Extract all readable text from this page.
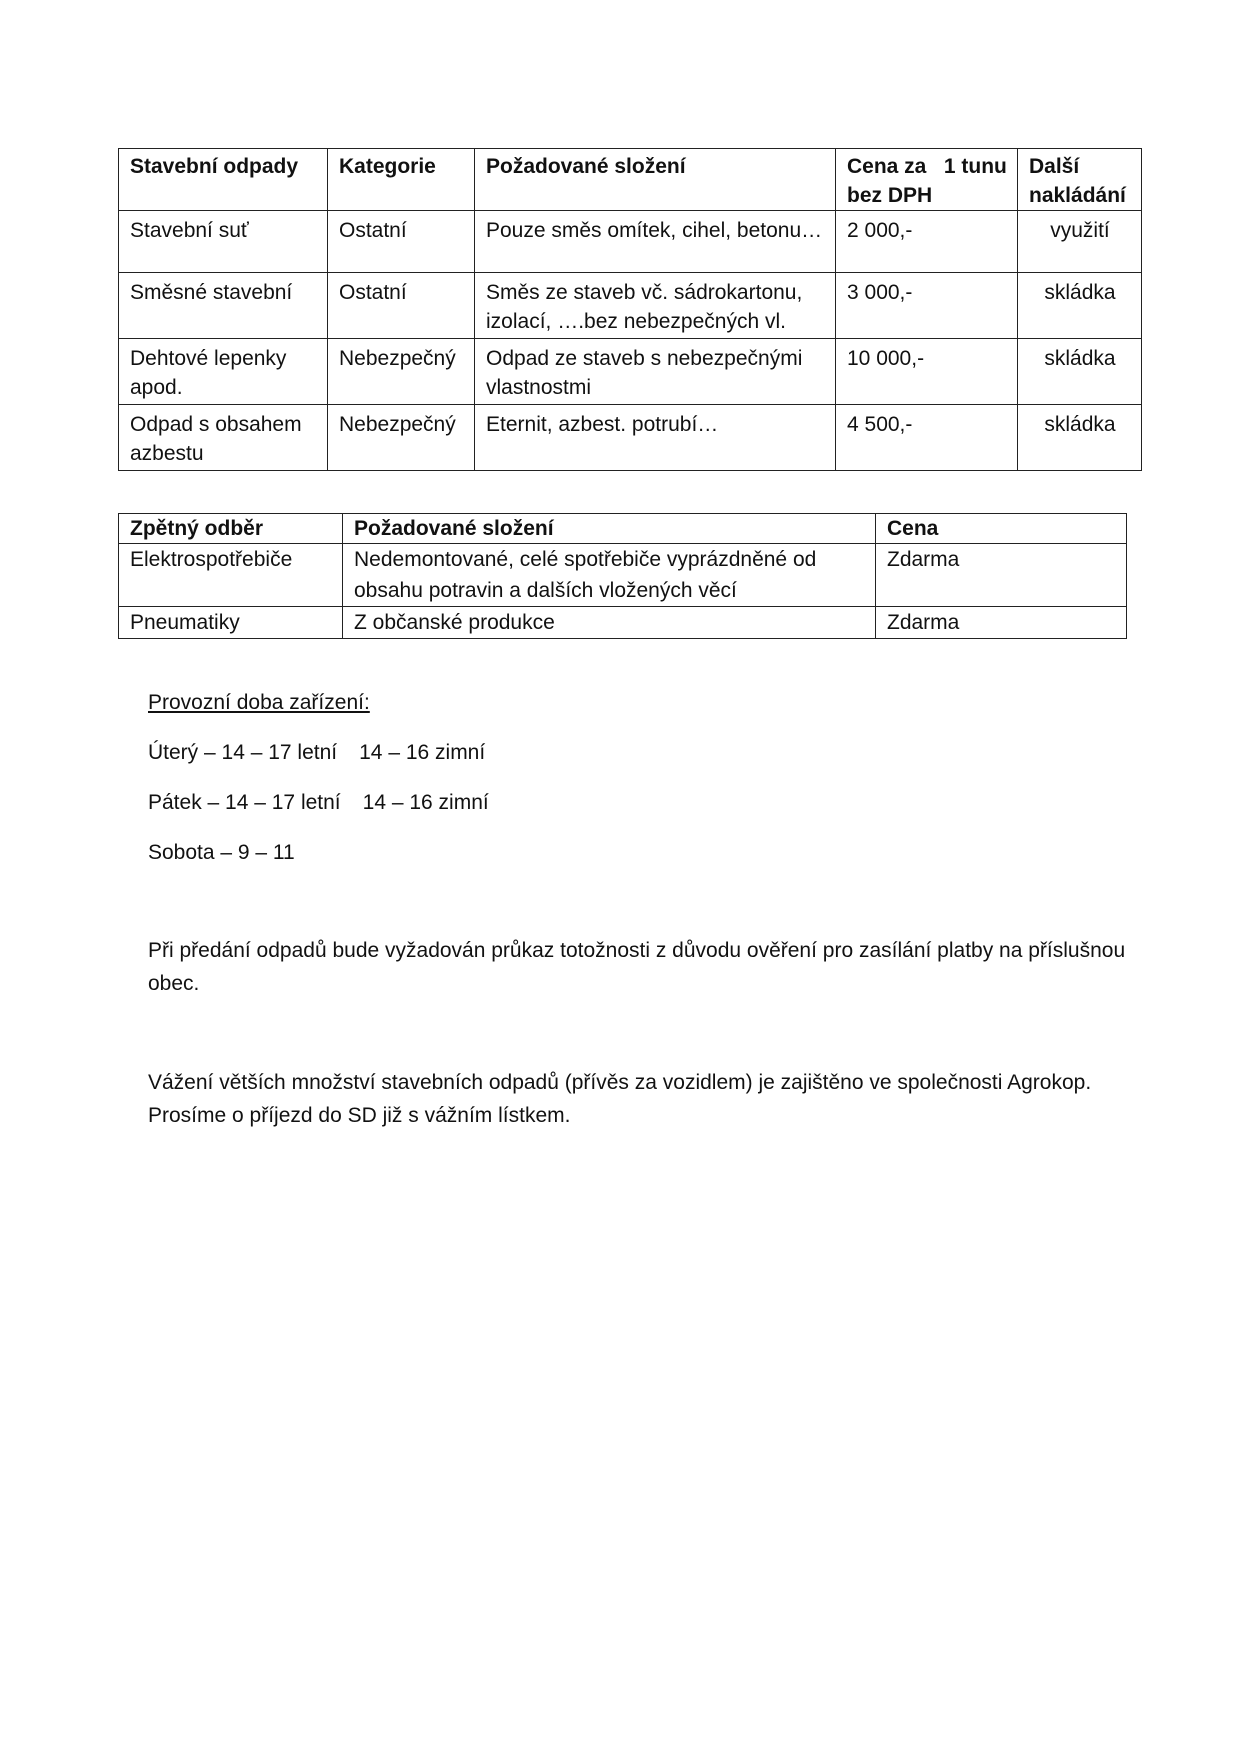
Stavební odpady	Kategorie	Požadované složení	Cena za   1 tunu bez DPH	Další nakládání
Stavební suť	Ostatní	Pouze směs omítek, cihel, betonu…	2 000,-	využití
Směsné stavební	Ostatní	Směs ze staveb vč. sádrokartonu, izolací, ….bez nebezpečných vl.	3 000,-	skládka
Dehtové lepenky apod.	Nebezpečný	Odpad ze staveb s nebezpečnými vlastnostmi	10 000,-	skládka
Odpad s obsahem azbestu	Nebezpečný	Eternit, azbest. potrubí…	4 500,-	skládka
Zpětný odběr	Požadované složení	Cena
Elektrospotřebiče	Nedemontované, celé spotřebiče vyprázdněné od obsahu potravin a dalších vložených věcí	Zdarma
Pneumatiky	Z občanské produkce	Zdarma

Provozní doba zařízení:

Úterý – 14 – 17 letní 14 – 16 zimní

Pátek – 14 – 17 letní 14 – 16 zimní

Sobota – 9 – 11

Při předání odpadů bude vyžadován průkaz totožnosti z důvodu ověření pro zasílání platby na příslušnou obec.

Vážení větších množství stavebních odpadů (přívěs za vozidlem) je zajištěno ve společnosti Agrokop. Prosíme o příjezd do SD již s vážním lístkem.
